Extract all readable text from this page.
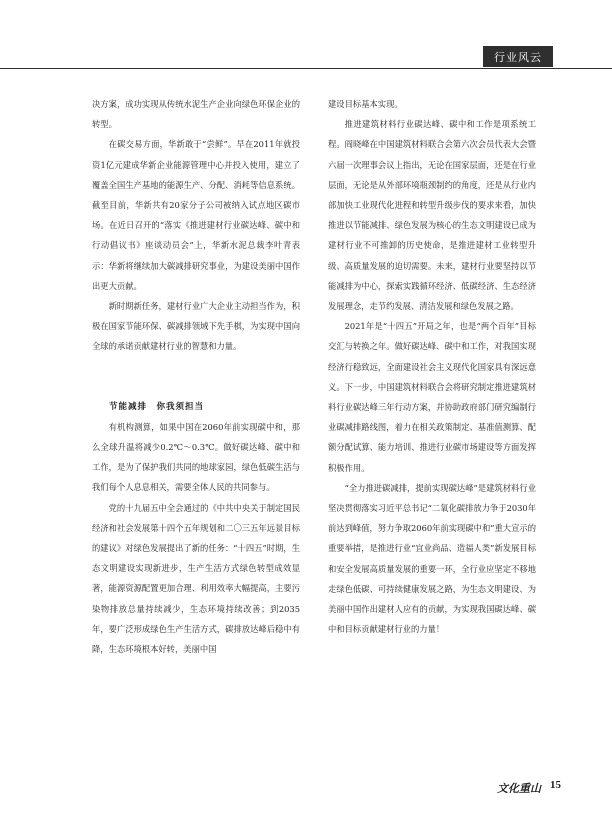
行业风云

决方案，成功实现从传统水泥生产企业向绿色环保企业的转型。

在碳交易方面，华新敢于“尝鲜”。早在2011年就投资1亿元建成华新企业能源管理中心并投入使用，建立了覆盖全国生产基地的能源生产、分配、消耗等信息系统。截至目前，华新共有20家分子公司被纳入试点地区碳市场。在近日召开的“落实《推进建材行业碳达峰、碳中和行动倡议书》座谈动员会”上，华新水泥总裁李叶青表示：华新将继续加大碳减排研究事业，为建设美丽中国作出更大贡献。

新时期新任务，建材行业广大企业主动担当作为，积极在国家节能环保、碳减排领域下先手棋，为实现中国向全球的承诺贡献建材行业的智慧和力量。

节能减排　你我须担当

有机构测算，如果中国在2060年前实现碳中和，那么全球升温将减少0.2℃～0.3℃。做好碳达峰、碳中和工作，是为了保护我们共同的地球家园，绿色低碳生活与我们每个人息息相关，需要全体人民的共同参与。

党的十九届五中全会通过的《中共中央关于制定国民经济和社会发展第十四个五年规划和二〇三五年远景目标的建议》对绿色发展提出了新的任务：“十四五”时期，生态文明建设实现新进步，生产生活方式绿色转型成效显著，能源资源配置更加合理、利用效率大幅提高，主要污染物排放总量持续减少，生态环境持续改善；到2035年，要广泛形成绿色生产生活方式，碳排放达峰后稳中有降，生态环境根本好转，美丽中国

建设目标基本实现。

推进建筑材料行业碳达峰、碳中和工作是项系统工程。阎晓峰在中国建筑材料联合会第六次会员代表大会暨六届一次理事会议上指出，无论在国家层面，还是在行业层面，无论是从外部环境瓶颈制约的角度，还是从行业内部加快工业现代化进程和转型升级步伐的要求来看，加快推进以节能减排、绿色发展为核心的生态文明建设已成为建材行业不可推卸的历史使命，是推进建材工业转型升级、高质量发展的迫切需要。未来，建材行业要坚持以节能减排为中心，探索实践循环经济、低碳经济、生态经济发展理念，走节约发展、清洁发展和绿色发展之路。

2021年是“十四五”开局之年，也是“两个百年”目标交汇与转换之年。做好碳达峰、碳中和工作，对我国实现经济行稳致远，全面建设社会主义现代化国家具有深远意义。下一步，中国建筑材料联合会将研究制定推进建筑材料行业碳达峰三年行动方案，并协助政府部门研究编制行业碳减排路线图，着力在相关政策制定、基准值测算、配额分配试算、能力培训、推进行业碳市场建设等方面发挥积极作用。

“全力推进碳减排，提前实现碳达峰”是建筑材料行业坚决贯彻落实习近平总书记“二氧化碳排放力争于2030年前达到峰值，努力争取2060年前实现碳中和”重大宣示的重要举措，是推进行业“宜业尚品、造福人类”新发展目标和安全发展高质量发展的重要一环，全行业应坚定不移地走绿色低碳、可持续健康发展之路，为生态文明建设、为美丽中国作出建材人应有的贡献，为实现我国碳达峰、碳中和目标贡献建材行业的力量！

文化重山 15
